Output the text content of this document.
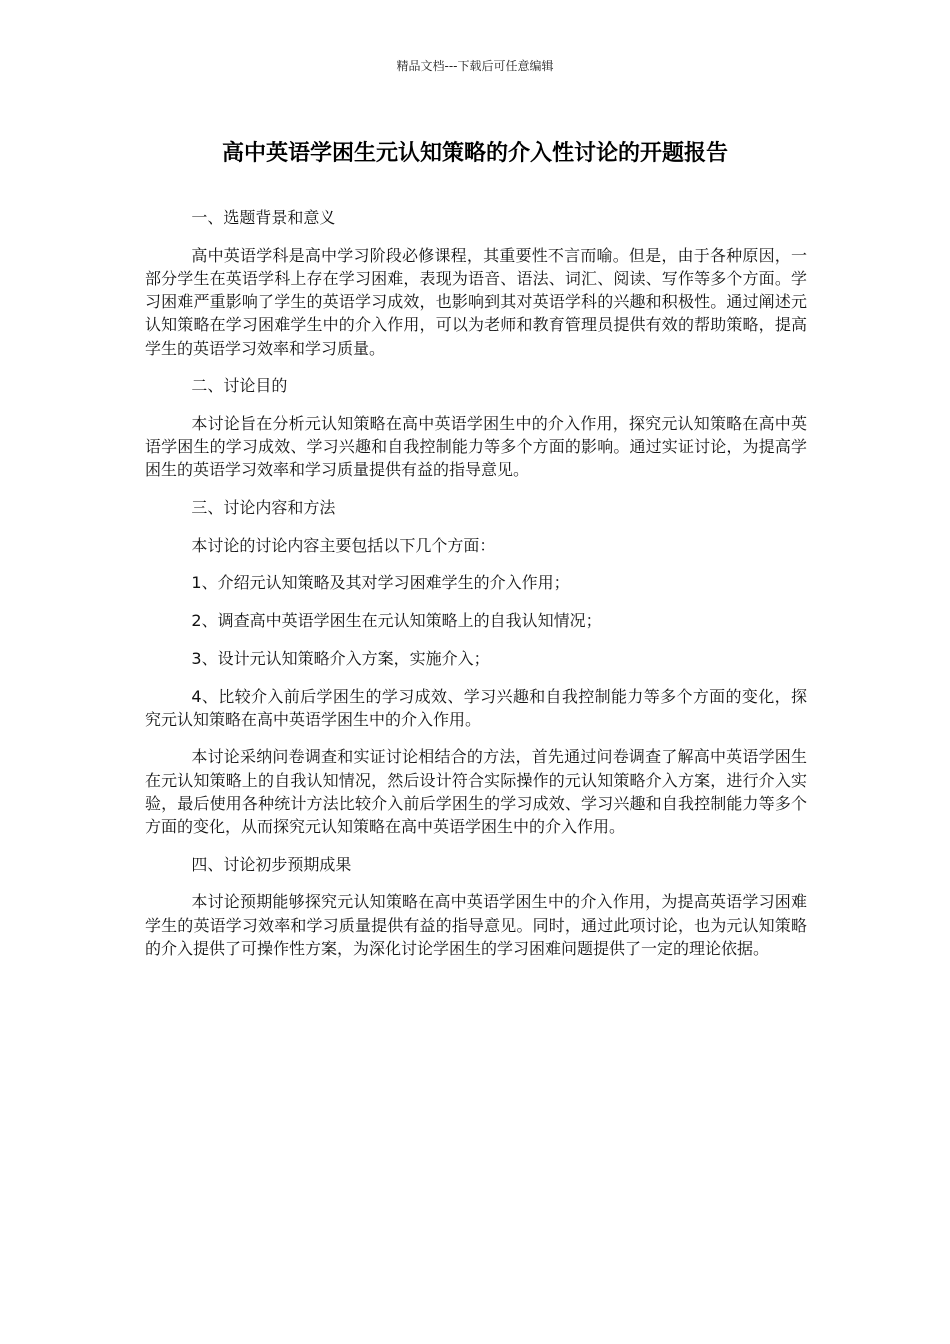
精品文档---下载后可任意编辑
高中英语学困生元认知策略的介入性讨论的开题报告

一、选题背景和意义

高中英语学科是高中学习阶段必修课程，其重要性不言而喻。但是，由于各种原因，一部分学生在英语学科上存在学习困难，表现为语音、语法、词汇、阅读、写作等多个方面。学习困难严重影响了学生的英语学习成效，也影响到其对英语学科的兴趣和积极性。通过阐述元认知策略在学习困难学生中的介入作用，可以为老师和教育管理员提供有效的帮助策略，提高学生的英语学习效率和学习质量。

二、讨论目的

本讨论旨在分析元认知策略在高中英语学困生中的介入作用，探究元认知策略在高中英语学困生的学习成效、学习兴趣和自我控制能力等多个方面的影响。通过实证讨论，为提高学困生的英语学习效率和学习质量提供有益的指导意见。

三、讨论内容和方法

本讨论的讨论内容主要包括以下几个方面：

1、介绍元认知策略及其对学习困难学生的介入作用；

2、调查高中英语学困生在元认知策略上的自我认知情况；

3、设计元认知策略介入方案，实施介入；

4、比较介入前后学困生的学习成效、学习兴趣和自我控制能力等多个方面的变化，探究元认知策略在高中英语学困生中的介入作用。

本讨论采纳问卷调查和实证讨论相结合的方法，首先通过问卷调查了解高中英语学困生在元认知策略上的自我认知情况，然后设计符合实际操作的元认知策略介入方案，进行介入实验，最后使用各种统计方法比较介入前后学困生的学习成效、学习兴趣和自我控制能力等多个方面的变化，从而探究元认知策略在高中英语学困生中的介入作用。

四、讨论初步预期成果

本讨论预期能够探究元认知策略在高中英语学困生中的介入作用，为提高英语学习困难学生的英语学习效率和学习质量提供有益的指导意见。同时，通过此项讨论，也为元认知策略的介入提供了可操作性方案，为深化讨论学困生的学习困难问题提供了一定的理论依据。
